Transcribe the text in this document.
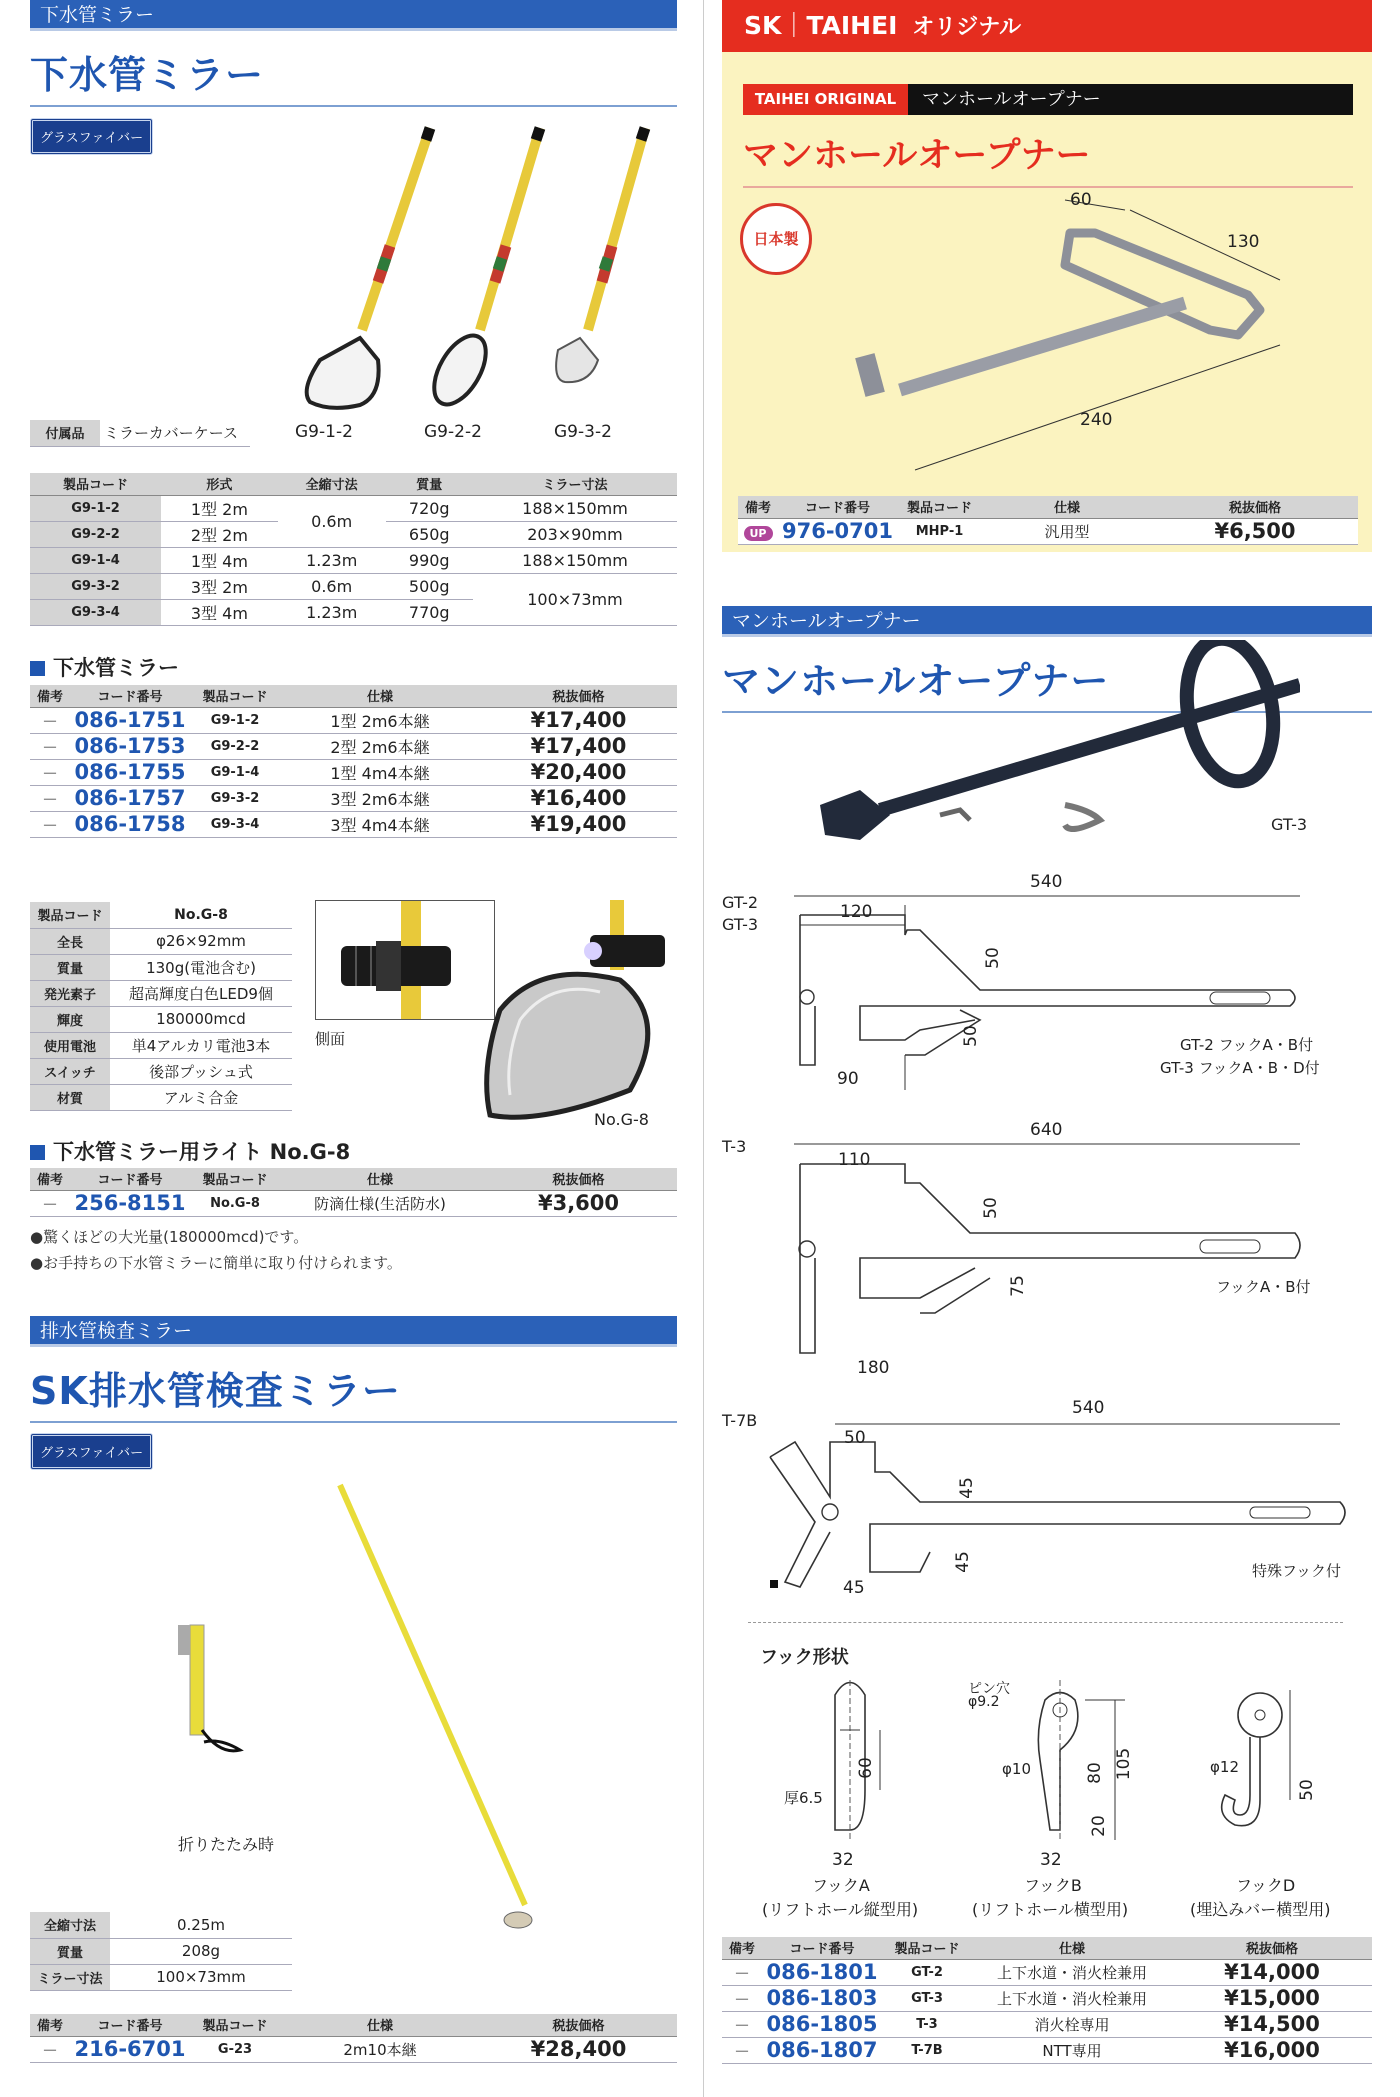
下水管ミラー
下水管ミラー
グラスファイバー
付属品	ミラーカバーケース	G9-1-2	G9-2-2	G9-3-2
製品コード	形式	全縮寸法	質量	ミラー寸法
G9-1-2	1型 2m	0.6m	720g	188×150mm
G9-2-2	2型 2m		650g	203×90mm
G9-1-4	1型 4m	1.23m	990g	188×150mm
G9-3-2	3型 2m	0.6m	500g	100×73mm
G9-3-4	3型 4m	1.23m	770g	
下水管ミラー
備考	コード番号	製品コード	仕様	税抜価格
－	086-1751	G9-1-2	1型 2m6本継	¥17,400
－	086-1753	G9-2-2	2型 2m6本継	¥17,400
－	086-1755	G9-1-4	1型 4m4本継	¥20,400
－	086-1757	G9-3-2	3型 2m6本継	¥16,400
－	086-1758	G9-3-4	3型 4m4本継	¥19,400
製品コード	No.G-8
全長	φ26×92mm
質量	130g(電池含む)
発光素子	超高輝度白色LED9個
輝度	180000mcd
使用電池	単4アルカリ電池3本
スイッチ	後部プッシュ式
材質	アルミ合金
側面
No.G-8
下水管ミラー用ライト No.G-8
備考	コード番号	製品コード	仕様	税抜価格
－	256-8151	No.G-8	防滴仕様(生活防水)	¥3,600
●驚くほどの大光量(180000mcd)です。
●お手持ちの下水管ミラーに簡単に取り付けられます。
排水管検査ミラー
SK排水管検査ミラー
グラスファイバー
折りたたみ時
全縮寸法	0.25m
質量	208g
ミラー寸法	100×73mm
備考	コード番号	製品コード	仕様	税抜価格
－	216-6701	G-23	2m10本継	¥28,400
SK｜TAIHEI オリジナル
TAIHEI ORIGINAL	マンホールオープナー
マンホールオープナー
日本製
60
130
240
備考	コード番号	製品コード	仕様	税抜価格
UP	976-0701	MHP-1	汎用型	¥6,500
マンホールオープナー
マンホールオープナー
GT-3
GT-2
GT-3
540
120
50
50
90
GT-2 フックA・B付
GT-3 フックA・B・D付
T-3
640
110
50
75
180
フックA・B付
T-7B
540
50
45
45
45
特殊フック付
フック形状
60
厚6.5
32
フックA
(リフトホール縦型用)
ピン穴
φ9.2
φ10	80 105
20
32
フックB
(リフトホール横型用)
φ12
50
フックD
(埋込みバー横型用)
備考	コード番号	製品コード	仕様	税抜価格
－	086-1801	GT-2	上下水道・消火栓兼用	¥14,000
－	086-1803	GT-3	上下水道・消火栓兼用	¥15,000
－	086-1805	T-3	消火栓専用	¥14,500
－	086-1807	T-7B	NTT専用	¥16,000
